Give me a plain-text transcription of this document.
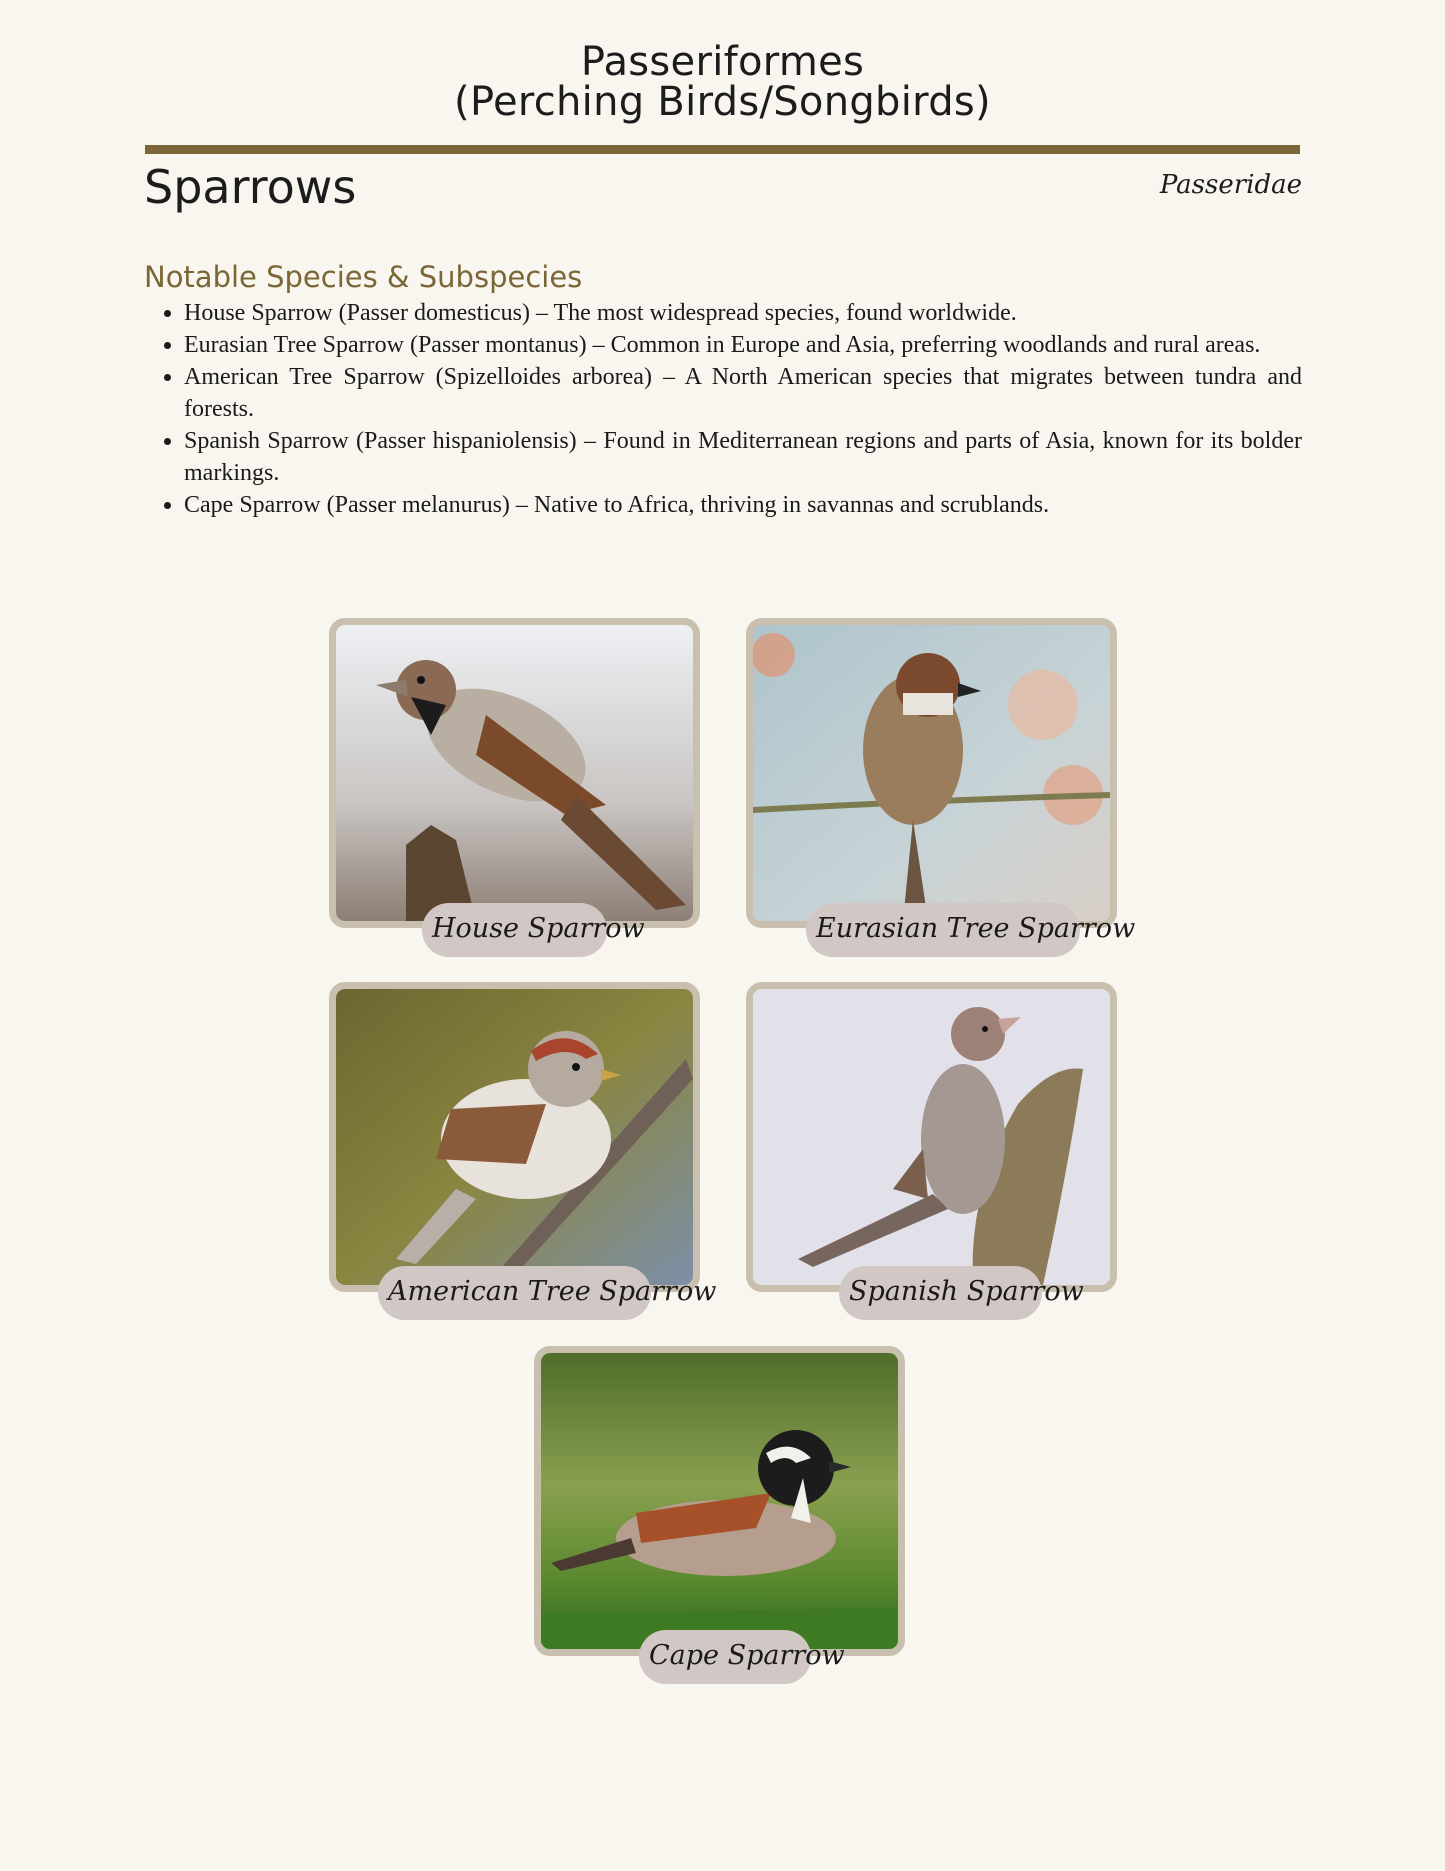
Passeriformes
(Perching Birds/Songbirds)
Sparrows	Passeridae
Notable Species & Subspecies
• House Sparrow (Passer domesticus) – The most widespread species, found worldwide.
• Eurasian Tree Sparrow (Passer montanus) – Common in Europe and Asia, preferring woodlands and rural areas.
• American Tree Sparrow (Spizelloides arborea) – A North American species that migrates between tundra and forests.
• Spanish Sparrow (Passer hispaniolensis) – Found in Mediterranean regions and parts of Asia, known for its bolder markings.
• Cape Sparrow (Passer melanurus) – Native to Africa, thriving in savannas and scrublands.
House Sparrow	Eurasian Tree Sparrow
American Tree Sparrow	Spanish Sparrow
Cape Sparrow
